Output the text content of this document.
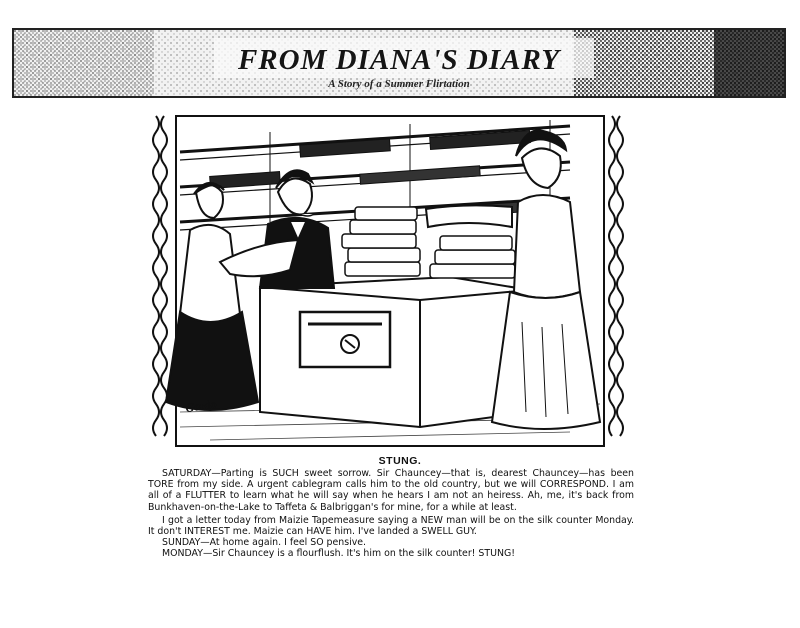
FROM DIANA'S DIARY
A Story of a Summer Flirtation
Gordo
STUNG.

SATURDAY—Parting is SUCH sweet sorrow. Sir Chauncey—that is, dearest Chauncey—has been TORE from my side. A urgent cablegram calls him to the old country, but we will CORRESPOND. I am all of a FLUTTER to learn what he will say when he hears I am not an heiress. Ah, me, it's back from Bunkhaven-on-the-Lake to Taffeta & Balbriggan's for mine, for a while at least.

I got a letter today from Maizie Tapemeasure saying a NEW man will be on the silk counter Monday. It don't INTEREST me. Maizie can HAVE him. I've landed a SWELL GUY.

SUNDAY—At home again. I feel SO pensive.

MONDAY—Sir Chauncey is a flourflush. It's him on the silk counter! STUNG!
